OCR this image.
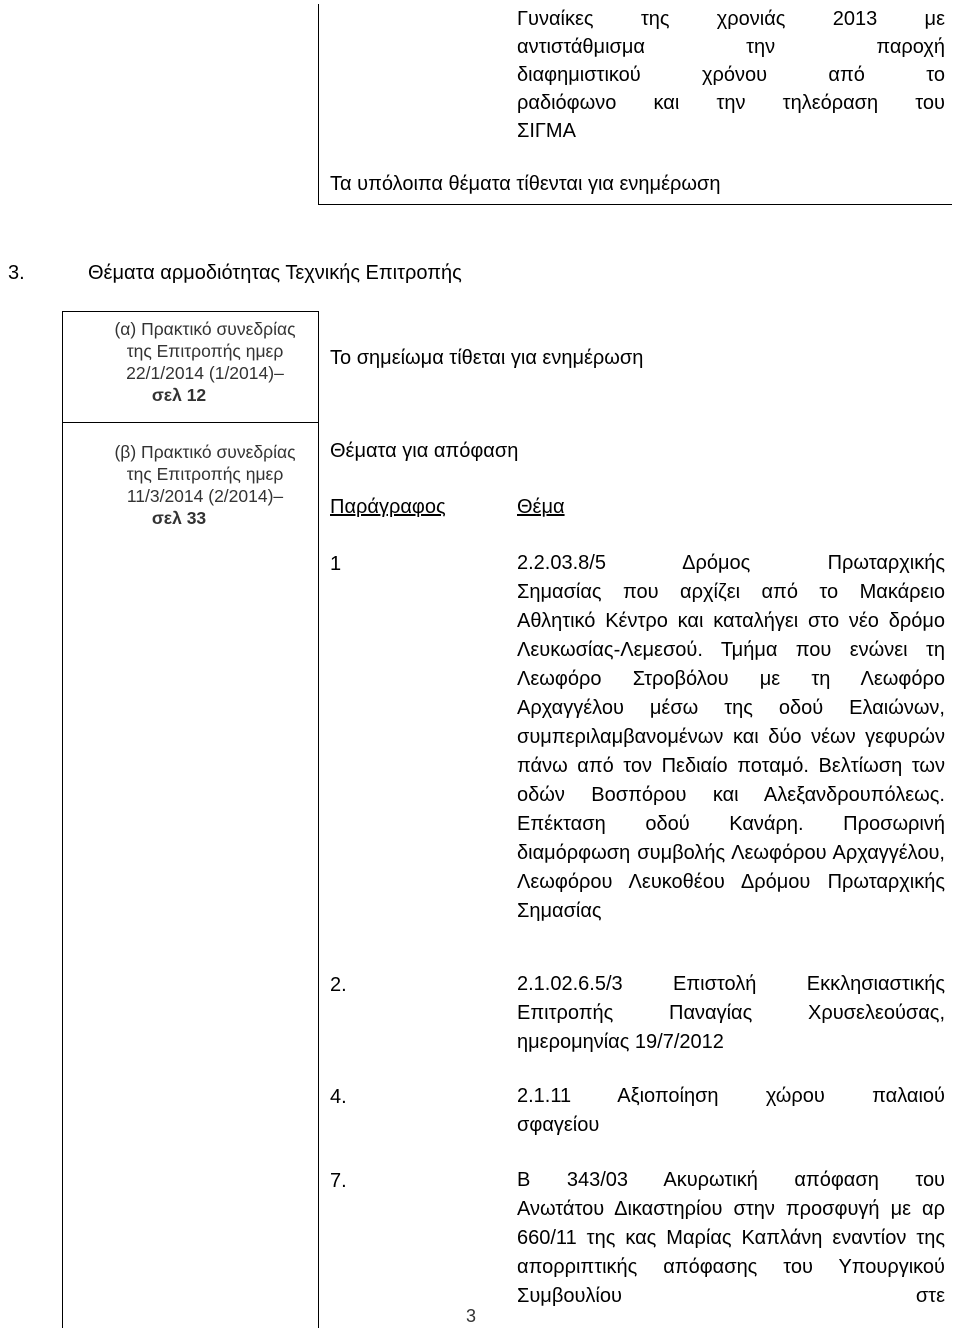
Γυναίκες της χρονιάς 2013 με
αντιστάθμισμα την παροχή
διαφημιστικού χρόνου από το
ραδιόφωνο και την τηλεόραση του
ΣΙΓΜΑ
Τα υπόλοιπα θέματα τίθενται για ενημέρωση
3.	Θέματα αρμοδιότητας Τεχνικής Επιτροπής
(α) Πρακτικό συνεδρίας
της Επιτροπής ημερ
22/1/2014 (1/2014)–
σελ 12
(β) Πρακτικό συνεδρίας
της Επιτροπής ημερ
11/3/2014 (2/2014)–
σελ 33
Το σημείωμα τίθεται για ενημέρωση
Θέματα για απόφαση
Παράγραφος	Θέμα
1	2.2.03.8/5 Δρόμος Πρωταρχικής

Σημασίας που αρχίζει από το Μακάρειο Αθλητικό Κέντρο και καταλήγει στο νέο δρόμο Λευκωσίας-Λεμεσού. Τμήμα που ενώνει τη Λεωφόρο Στροβόλου με τη Λεωφόρο Αρχαγγέλου μέσω της οδού Ελαιώνων, συμπεριλαμβανομένων και δύο νέων γεφυρών πάνω από τον Πεδιαίο ποταμό. Βελτίωση των οδών Βοσπόρου και Αλεξανδρουπόλεως. Επέκταση οδού Κανάρη. Προσωρινή διαμόρφωση συμβολής Λεωφόρου Αρχαγγέλου, Λεωφόρου Λευκοθέου Δρόμου Πρωταρχικής Σημασίας

2.	2.1.02.6.5/3 Επιστολή Εκκλησιαστικής

Επιτροπής Παναγίας Χρυσελεούσας, ημερομηνίας 19/7/2012

4.	2.1.11 Αξιοποίηση χώρου παλαιού

σφαγείου

7.	Β 343/03 Ακυρωτική απόφαση του

Ανωτάτου Δικαστηρίου στην προσφυγή με αρ 660/11 της κας Μαρίας Καπλάνη εναντίον της απορριπτικής απόφασης του Υπουργικού Συμβουλίου στε

3
